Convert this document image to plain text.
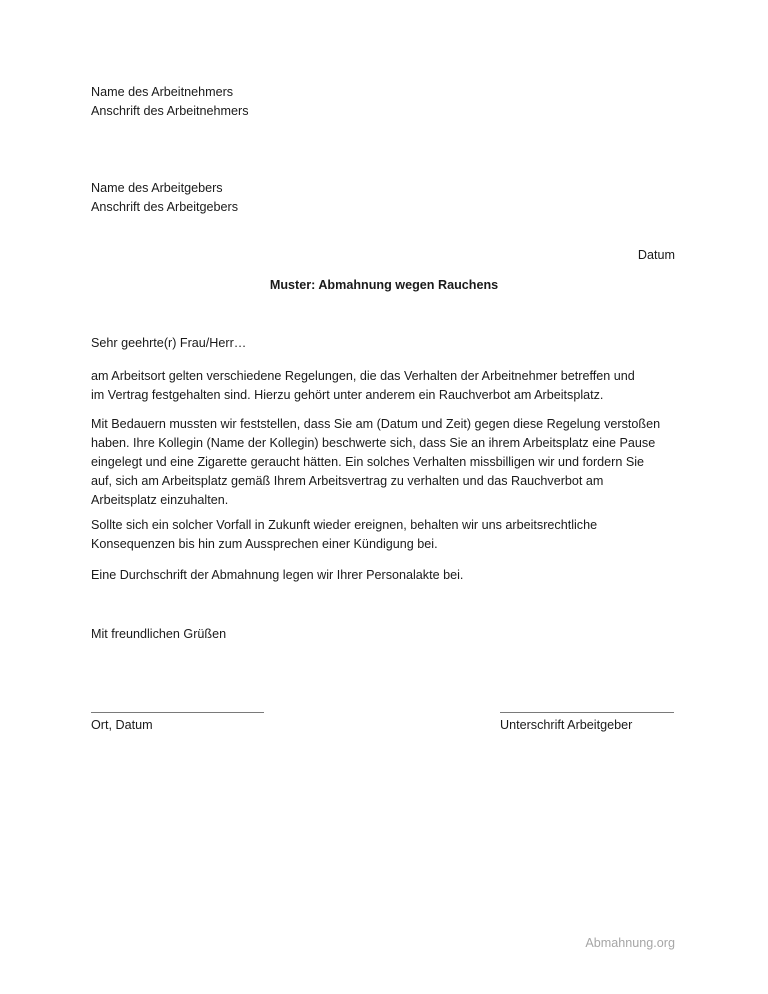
Name des Arbeitnehmers
Anschrift des Arbeitnehmers
Name des Arbeitgebers
Anschrift des Arbeitgebers
Datum
Muster: Abmahnung wegen Rauchens
Sehr geehrte(r) Frau/Herr…
am Arbeitsort gelten verschiedene Regelungen, die das Verhalten der Arbeitnehmer betreffen und
im Vertrag festgehalten sind. Hierzu gehört unter anderem ein Rauchverbot am Arbeitsplatz.
Mit Bedauern mussten wir feststellen, dass Sie am (Datum und Zeit) gegen diese Regelung verstoßen
haben. Ihre Kollegin (Name der Kollegin) beschwerte sich, dass Sie an ihrem Arbeitsplatz eine Pause
eingelegt und eine Zigarette geraucht hätten. Ein solches Verhalten missbilligen wir und fordern Sie
auf, sich am Arbeitsplatz gemäß Ihrem Arbeitsvertrag zu verhalten und das Rauchverbot am
Arbeitsplatz einzuhalten.
Sollte sich ein solcher Vorfall in Zukunft wieder ereignen, behalten wir uns arbeitsrechtliche
Konsequenzen bis hin zum Aussprechen einer Kündigung bei.
Eine Durchschrift der Abmahnung legen wir Ihrer Personalakte bei.
Mit freundlichen Grüßen
Ort, Datum	Unterschrift Arbeitgeber
Abmahnung.org
